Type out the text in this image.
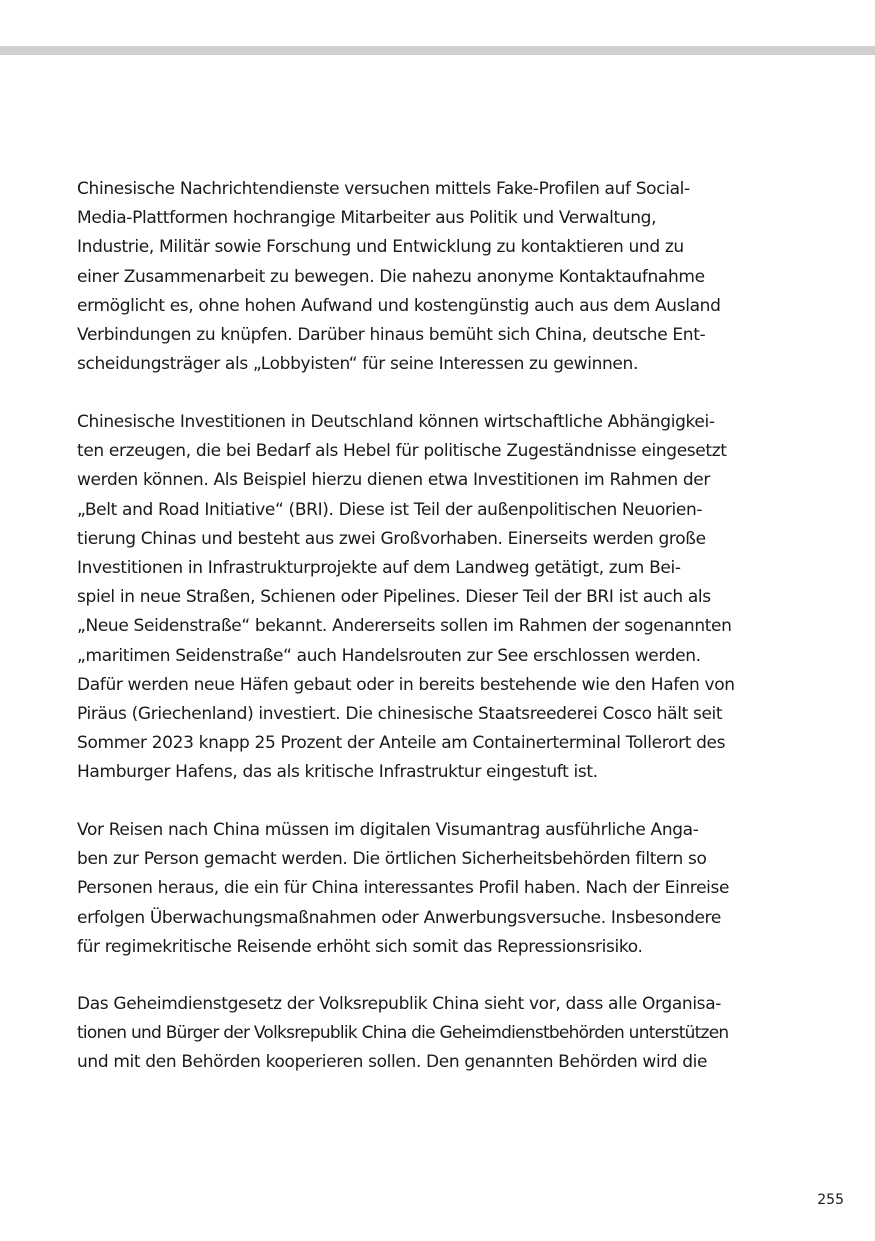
Chinesische Nachrichtendienste versuchen mittels Fake-Profilen auf Social-
Media-Plattformen hochrangige Mitarbeiter aus Politik und Verwaltung,
Industrie, Militär sowie Forschung und Entwicklung zu kontaktieren und zu
einer Zusammenarbeit zu bewegen. Die nahezu anonyme Kontaktaufnahme
ermöglicht es, ohne hohen Aufwand und kostengünstig auch aus dem Ausland
Verbindungen zu knüpfen. Darüber hinaus bemüht sich China, deutsche Ent-
scheidungsträger als „Lobbyisten“ für seine Interessen zu gewinnen.
Chinesische Investitionen in Deutschland können wirtschaftliche Abhängigkei-
ten erzeugen, die bei Bedarf als Hebel für politische Zugeständnisse eingesetzt
werden können. Als Beispiel hierzu dienen etwa Investitionen im Rahmen der
„Belt and Road Initiative“ (BRI). Diese ist Teil der außenpolitischen Neuorien-
tierung Chinas und besteht aus zwei Großvorhaben. Einerseits werden große
Investitionen in Infrastrukturprojekte auf dem Landweg getätigt, zum Bei-
spiel in neue Straßen, Schienen oder Pipelines. Dieser Teil der BRI ist auch als
„Neue Seidenstraße“ bekannt. Andererseits sollen im Rahmen der sogenannten
„maritimen Seidenstraße“ auch Handelsrouten zur See erschlossen werden.
Dafür werden neue Häfen gebaut oder in bereits bestehende wie den Hafen von
Piräus (Griechenland) investiert. Die chinesische Staatsreederei Cosco hält seit
Sommer 2023 knapp 25 Prozent der Anteile am Containerterminal Tollerort des
Hamburger Hafens, das als kritische Infrastruktur eingestuft ist.
Vor Reisen nach China müssen im digitalen Visumantrag ausführliche Anga-
ben zur Person gemacht werden. Die örtlichen Sicherheitsbehörden filtern so
Personen heraus, die ein für China interessantes Profil haben. Nach der Einreise
erfolgen Überwachungsmaßnahmen oder Anwerbungsversuche. Insbesondere
für regimekritische Reisende erhöht sich somit das Repressionsrisiko.
Das Geheimdienstgesetz der Volksrepublik China sieht vor, dass alle Organisa-
tionen und Bürger der Volksrepublik China die Geheimdienstbehörden unterstützen
und mit den Behörden kooperieren sollen. Den genannten Behörden wird die
255
